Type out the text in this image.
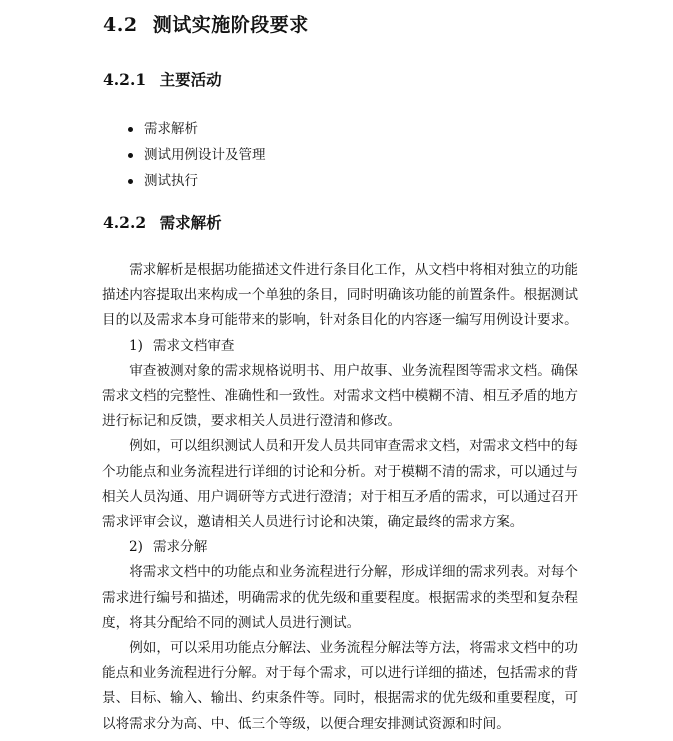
4.2 测试实施阶段要求
4.2.1 主要活动
需求解析
测试用例设计及管理
测试执行
4.2.2 需求解析

需求解析是根据功能描述文件进行条目化工作，从文档中将相对独立的功能描述内容提取出来构成一个单独的条目，同时明确该功能的前置条件。根据测试目的以及需求本身可能带来的影响，针对条目化的内容逐一编写用例设计要求。

1) 需求文档审查

审查被测对象的需求规格说明书、用户故事、业务流程图等需求文档。确保需求文档的完整性、准确性和一致性。对需求文档中模糊不清、相互矛盾的地方进行标记和反馈，要求相关人员进行澄清和修改。

例如，可以组织测试人员和开发人员共同审查需求文档，对需求文档中的每个功能点和业务流程进行详细的讨论和分析。对于模糊不清的需求，可以通过与相关人员沟通、用户调研等方式进行澄清；对于相互矛盾的需求，可以通过召开需求评审会议，邀请相关人员进行讨论和决策，确定最终的需求方案。

2) 需求分解

将需求文档中的功能点和业务流程进行分解，形成详细的需求列表。对每个需求进行编号和描述，明确需求的优先级和重要程度。根据需求的类型和复杂程度，将其分配给不同的测试人员进行测试。

例如，可以采用功能点分解法、业务流程分解法等方法，将需求文档中的功能点和业务流程进行分解。对于每个需求，可以进行详细的描述，包括需求的背景、目标、输入、输出、约束条件等。同时，根据需求的优先级和重要程度，可以将需求分为高、中、低三个等级，以便合理安排测试资源和时间。
